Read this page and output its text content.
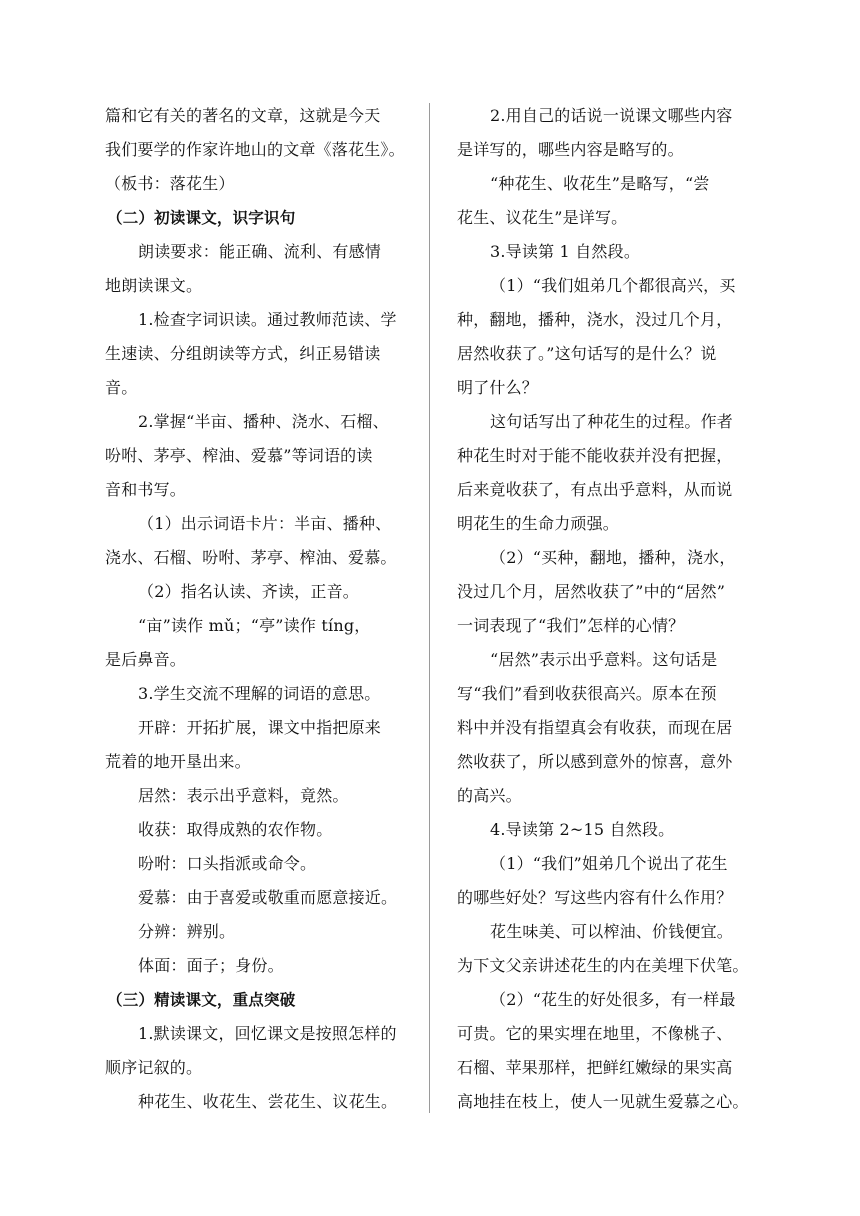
篇和它有关的著名的文章，这就是今天
我们要学的作家许地山的文章《落花生》。
（板书：落花生）
（二）初读课文，识字识句
朗读要求：能正确、流利、有感情
地朗读课文。
1.检查字词识读。通过教师范读、学
生速读、分组朗读等方式，纠正易错读
音。
2.掌握“半亩、播种、浇水、石榴、
吩咐、茅亭、榨油、爱慕”等词语的读
音和书写。
（1）出示词语卡片：半亩、播种、
浇水、石榴、吩咐、茅亭、榨油、爱慕。
（2）指名认读、齐读，正音。
“亩”读作 mǔ；“亭”读作 tíng，
是后鼻音。
3.学生交流不理解的词语的意思。
开辟：开拓扩展，课文中指把原来
荒着的地开垦出来。
居然：表示出乎意料，竟然。
收获：取得成熟的农作物。
吩咐：口头指派或命令。
爱慕：由于喜爱或敬重而愿意接近。
分辨：辨别。
体面：面子；身份。
（三）精读课文，重点突破
1.默读课文，回忆课文是按照怎样的
顺序记叙的。
种花生、收花生、尝花生、议花生。
2.用自己的话说一说课文哪些内容
是详写的，哪些内容是略写的。
“种花生、收花生”是略写，“尝
花生、议花生”是详写。
3.导读第 1 自然段。
（1）“我们姐弟几个都很高兴，买
种，翻地，播种，浇水，没过几个月，
居然收获了。”这句话写的是什么？说
明了什么？
这句话写出了种花生的过程。作者
种花生时对于能不能收获并没有把握，
后来竟收获了，有点出乎意料，从而说
明花生的生命力顽强。
（2）“买种，翻地，播种，浇水，
没过几个月，居然收获了”中的“居然”
一词表现了“我们”怎样的心情？
“居然”表示出乎意料。这句话是
写“我们”看到收获很高兴。原本在预
料中并没有指望真会有收获，而现在居
然收获了，所以感到意外的惊喜，意外
的高兴。
4.导读第 2~15 自然段。
（1）“我们”姐弟几个说出了花生
的哪些好处？写这些内容有什么作用？
花生味美、可以榨油、价钱便宜。
为下文父亲讲述花生的内在美埋下伏笔。
（2）“花生的好处很多，有一样最
可贵。它的果实埋在地里，不像桃子、
石榴、苹果那样，把鲜红嫩绿的果实高
高地挂在枝上，使人一见就生爱慕之心。
